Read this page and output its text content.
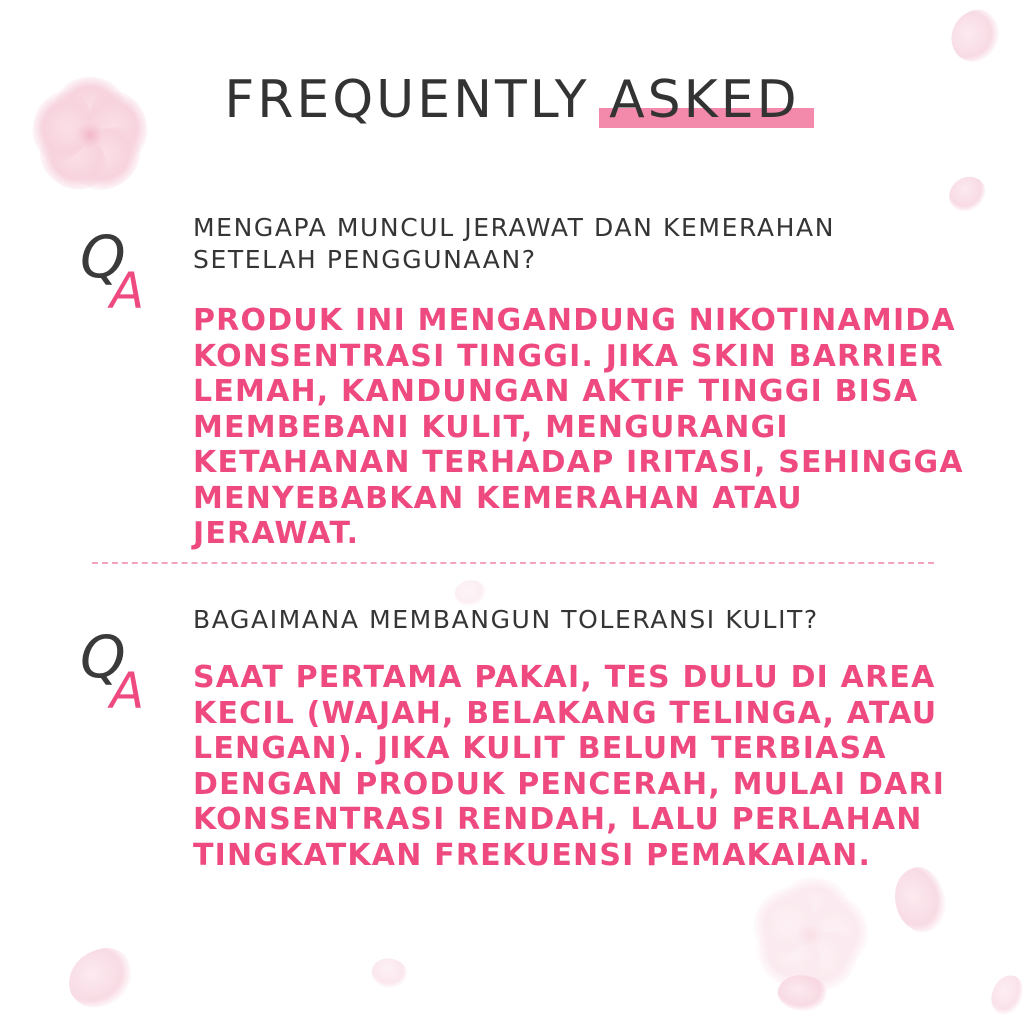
FREQUENTLY ASKED
Q
A
MENGAPA MUNCUL JERAWAT DAN KEMERAHAN SETELAH PENGGUNAAN?
PRODUK INI MENGANDUNG NIKOTINAMIDA KONSENTRASI TINGGI. JIKA SKIN BARRIER LEMAH, KANDUNGAN AKTIF TINGGI BISA MEMBEBANI KULIT, MENGURANGI KETAHANAN TERHADAP IRITASI, SEHINGGA MENYEBABKAN KEMERAHAN ATAU JERAWAT.
Q
A
BAGAIMANA MEMBANGUN TOLERANSI KULIT?
SAAT PERTAMA PAKAI, TES DULU DI AREA KECIL (WAJAH, BELAKANG TELINGA, ATAU LENGAN). JIKA KULIT BELUM TERBIASA DENGAN PRODUK PENCERAH, MULAI DARI KONSENTRASI RENDAH, LALU PERLAHAN TINGKATKAN FREKUENSI PEMAKAIAN.
